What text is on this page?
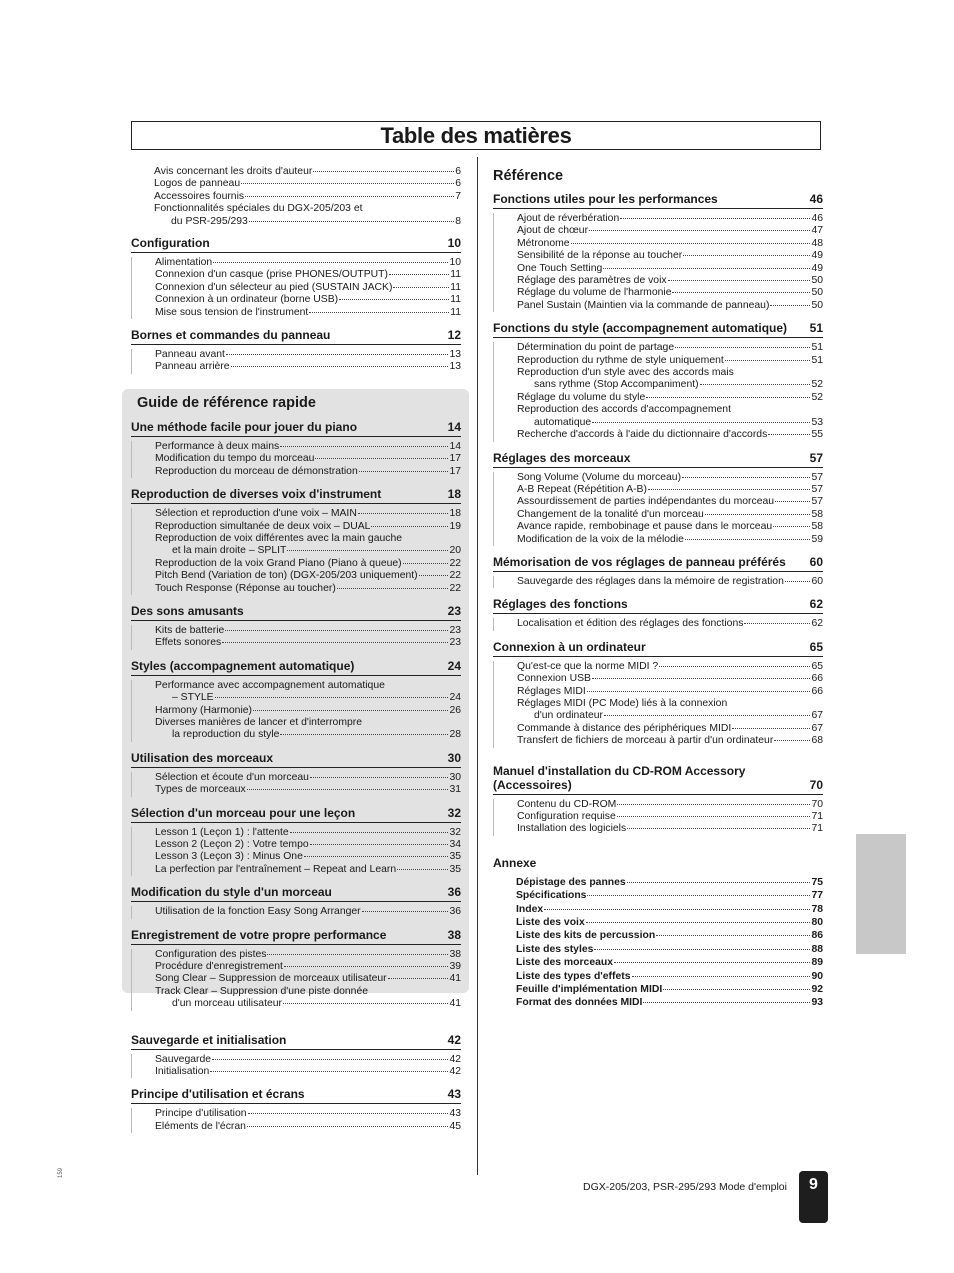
Table des matières
Guide de référence rapide
Avis concernant les droits d'auteur	6
Logos de panneau	6
Accessoires fournis	7
Fonctionnalités spéciales du DGX-205/203 et
du PSR-295/293	8
Configuration	10
Alimentation	10
Connexion d'un casque (prise PHONES/OUTPUT)	11
Connexion d'un sélecteur au pied (SUSTAIN JACK)	11
Connexion à un ordinateur (borne USB)	11
Mise sous tension de l'instrument	11
Bornes et commandes du panneau	12
Panneau avant	13
Panneau arrière	13
Une méthode facile pour jouer du piano	14
Performance à deux mains	14
Modification du tempo du morceau	17
Reproduction du morceau de démonstration	17
Reproduction de diverses voix d'instrument	18
Sélection et reproduction d'une voix – MAIN	18
Reproduction simultanée de deux voix – DUAL	19
Reproduction de voix différentes avec la main gauche
et la main droite – SPLIT	20
Reproduction de la voix Grand Piano (Piano à queue)	22
Pitch Bend (Variation de ton) (DGX-205/203 uniquement)	22
Touch Response (Réponse au toucher)	22
Des sons amusants	23
Kits de batterie	23
Effets sonores	23
Styles (accompagnement automatique)	24
Performance avec accompagnement automatique
– STYLE	24
Harmony (Harmonie)	26
Diverses manières de lancer et d'interrompre
la reproduction du style	28
Utilisation des morceaux	30
Sélection et écoute d'un morceau	30
Types de morceaux	31
Sélection d'un morceau pour une leçon	32
Lesson 1 (Leçon 1) : l'attente	32
Lesson 2 (Leçon 2) : Votre tempo	34
Lesson 3 (Leçon 3) : Minus One	35
La perfection par l'entraînement – Repeat and Learn	35
Modification du style d'un morceau	36
Utilisation de la fonction Easy Song Arranger	36
Enregistrement de votre propre performance	38
Configuration des pistes	38
Procédure d'enregistrement	39
Song Clear – Suppression de morceaux utilisateur	41
Track Clear – Suppression d'une piste donnée
d'un morceau utilisateur	41
Sauvegarde et initialisation	42
Sauvegarde	42
Initialisation	42
Principe d'utilisation et écrans	43
Principe d'utilisation	43
Eléments de l'écran	45
Référence
Fonctions utiles pour les performances	46
Ajout de réverbération	46
Ajout de chœur	47
Métronome	48
Sensibilité de la réponse au toucher	49
One Touch Setting	49
Réglage des paramètres de voix	50
Réglage du volume de l'harmonie	50
Panel Sustain (Maintien via la commande de panneau)	50
Fonctions du style (accompagnement automatique)	51
Détermination du point de partage	51
Reproduction du rythme de style uniquement	51
Reproduction d'un style avec des accords mais
sans rythme (Stop Accompaniment)	52
Réglage du volume du style	52
Reproduction des accords d'accompagnement
automatique	53
Recherche d'accords à l'aide du dictionnaire d'accords	55
Réglages des morceaux	57
Song Volume (Volume du morceau)	57
A-B Repeat (Répétition A-B)	57
Assourdissement de parties indépendantes du morceau	57
Changement de la tonalité d'un morceau	58
Avance rapide, rembobinage et pause dans le morceau	58
Modification de la voix de la mélodie	59
Mémorisation de vos réglages de panneau préférés	60
Sauvegarde des réglages dans la mémoire de registration	60
Réglages des fonctions	62
Localisation et édition des réglages des fonctions	62
Connexion à un ordinateur	65
Qu'est-ce que la norme MIDI ?	65
Connexion USB	66
Réglages MIDI	66
Réglages MIDI (PC Mode) liés à la connexion
d'un ordinateur	67
Commande à distance des périphériques MIDI	67
Transfert de fichiers de morceau à partir d'un ordinateur	68
Manuel d'installation du CD-ROM Accessory
(Accessoires)	70
Contenu du CD-ROM	70
Configuration requise	71
Installation des logiciels	71
Annexe
Dépistage des pannes	75
Spécifications	77
Index	78
Liste des voix	80
Liste des kits de percussion	86
Liste des styles	88
Liste des morceaux	89
Liste des types d'effets	90
Feuille d'implémentation MIDI	92
Format des données MIDI	93
DGX-205/203, PSR-295/293 Mode d'emploi	9
159
